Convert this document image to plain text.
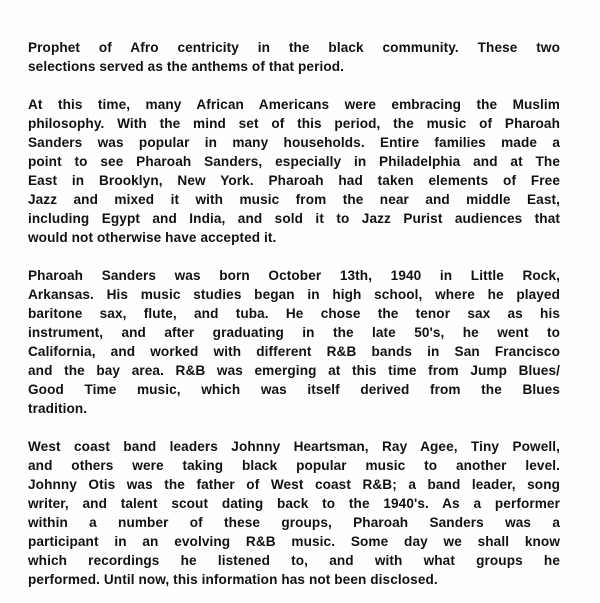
Prophet of Afro centricity in the black community. These two
selections served as the anthems of that period.
At this time, many African Americans were embracing the Muslim
philosophy. With the mind set of this period, the music of Pharoah
Sanders was popular in many households. Entire families made a
point to see Pharoah Sanders, especially in Philadelphia and at The
East in Brooklyn, New York. Pharoah had taken elements of Free
Jazz and mixed it with music from the near and middle East,
including Egypt and India, and sold it to Jazz Purist audiences that
would not otherwise have accepted it.
Pharoah Sanders was born October 13th, 1940 in Little Rock,
Arkansas. His music studies began in high school, where he played
baritone sax, flute, and tuba. He chose the tenor sax as his
instrument, and after graduating in the late 50's, he went to
California, and worked with different R&B bands in San Francisco
and the bay area. R&B was emerging at this time from Jump Blues/
Good Time music, which was itself derived from the Blues
tradition.
West coast band leaders Johnny Heartsman, Ray Agee, Tiny Powell,
and others were taking black popular music to another level.
Johnny Otis was the father of West coast R&B; a band leader, song
writer, and talent scout dating back to the 1940's. As a performer
within a number of these groups, Pharoah Sanders was a
participant in an evolving R&B music. Some day we shall know
which recordings he listened to, and with what groups he
performed. Until now, this information has not been disclosed.
